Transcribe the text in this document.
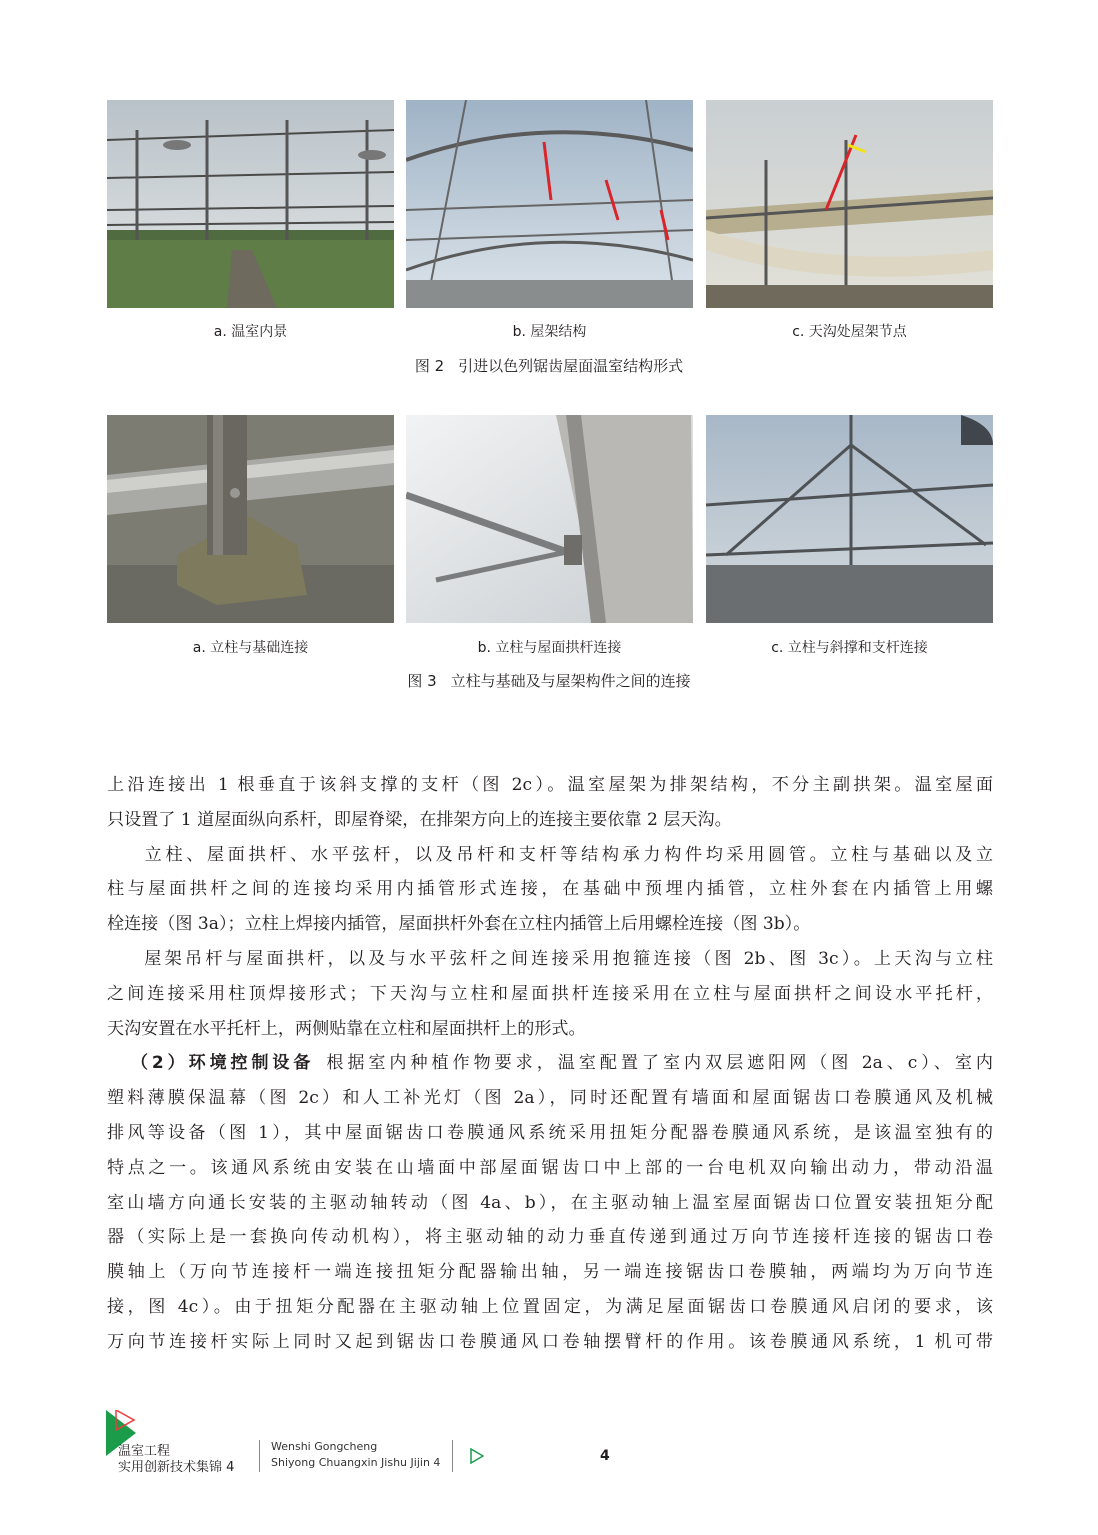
a. 温室内景	b. 屋架结构	c. 天沟处屋架节点
图 2 引进以色列锯齿屋面温室结构形式
a. 立柱与基础连接	b. 立柱与屋面拱杆连接	c. 立柱与斜撑和支杆连接
图 3 立柱与基础及与屋架构件之间的连接

上沿连接出 1 根垂直于该斜支撑的支杆（图 2c）。温室屋架为排架结构，不分主副拱架。温室屋面

只设置了 1 道屋面纵向系杆，即屋脊梁，在排架方向上的连接主要依靠 2 层天沟。

立柱、屋面拱杆、水平弦杆，以及吊杆和支杆等结构承力构件均采用圆管。立柱与基础以及立

柱与屋面拱杆之间的连接均采用内插管形式连接，在基础中预埋内插管，立柱外套在内插管上用螺

栓连接（图 3a）；立柱上焊接内插管，屋面拱杆外套在立柱内插管上后用螺栓连接（图 3b）。

屋架吊杆与屋面拱杆，以及与水平弦杆之间连接采用抱箍连接（图 2b、图 3c）。上天沟与立柱

之间连接采用柱顶焊接形式；下天沟与立柱和屋面拱杆连接采用在立柱与屋面拱杆之间设水平托杆，

天沟安置在水平托杆上，两侧贴靠在立柱和屋面拱杆上的形式。

（2）环境控制设备 根据室内种植作物要求，温室配置了室内双层遮阳网（图 2a、c）、室内

塑料薄膜保温幕（图 2c）和人工补光灯（图 2a），同时还配置有墙面和屋面锯齿口卷膜通风及机械

排风等设备（图 1），其中屋面锯齿口卷膜通风系统采用扭矩分配器卷膜通风系统，是该温室独有的

特点之一。该通风系统由安装在山墙面中部屋面锯齿口中上部的一台电机双向输出动力，带动沿温

室山墙方向通长安装的主驱动轴转动（图 4a、b），在主驱动轴上温室屋面锯齿口位置安装扭矩分配

器（实际上是一套换向传动机构），将主驱动轴的动力垂直传递到通过万向节连接杆连接的锯齿口卷

膜轴上（万向节连接杆一端连接扭矩分配器输出轴，另一端连接锯齿口卷膜轴，两端均为万向节连

接，图 4c）。由于扭矩分配器在主驱动轴上位置固定，为满足屋面锯齿口卷膜通风启闭的要求，该

万向节连接杆实际上同时又起到锯齿口卷膜通风口卷轴摆臂杆的作用。该卷膜通风系统，1 机可带

温室工程
实用创新技术集锦 4
Wenshi Gongcheng
Shiyong Chuangxin Jishu Jijin 4	4
